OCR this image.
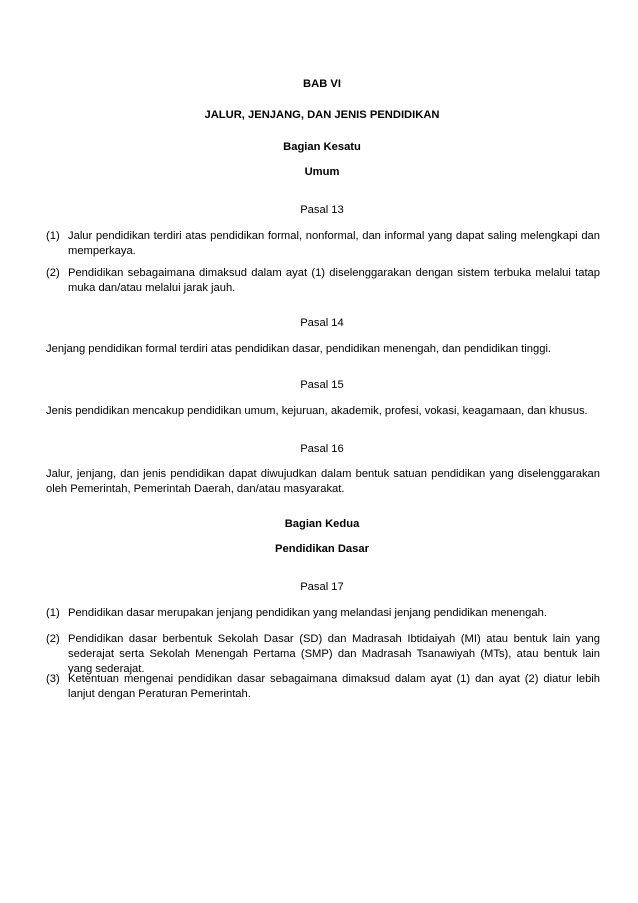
BAB VI
JALUR, JENJANG, DAN JENIS PENDIDIKAN
Bagian Kesatu
Umum
Pasal 13
(1) Jalur pendidikan terdiri atas pendidikan formal, nonformal, dan informal yang dapat saling melengkapi dan memperkaya.
(2) Pendidikan sebagaimana dimaksud dalam ayat (1) diselenggarakan dengan sistem terbuka melalui tatap muka dan/atau melalui jarak jauh.
Pasal 14
Jenjang pendidikan formal terdiri atas pendidikan dasar, pendidikan menengah, dan pendidikan tinggi.
Pasal 15
Jenis pendidikan mencakup pendidikan umum, kejuruan, akademik, profesi, vokasi, keagamaan, dan khusus.
Pasal 16
Jalur, jenjang, dan jenis pendidikan dapat diwujudkan dalam bentuk satuan pendidikan yang diselenggarakan oleh Pemerintah, Pemerintah Daerah, dan/atau masyarakat.
Bagian Kedua
Pendidikan Dasar
Pasal 17
(1) Pendidikan dasar merupakan jenjang pendidikan yang melandasi jenjang pendidikan menengah.
(2) Pendidikan dasar berbentuk Sekolah Dasar (SD) dan Madrasah Ibtidaiyah (MI) atau bentuk lain yang sederajat serta Sekolah Menengah Pertama (SMP) dan Madrasah Tsanawiyah (MTs), atau bentuk lain yang sederajat.
(3) Ketentuan mengenai pendidikan dasar sebagaimana dimaksud dalam ayat (1) dan ayat (2) diatur lebih lanjut dengan Peraturan Pemerintah.
